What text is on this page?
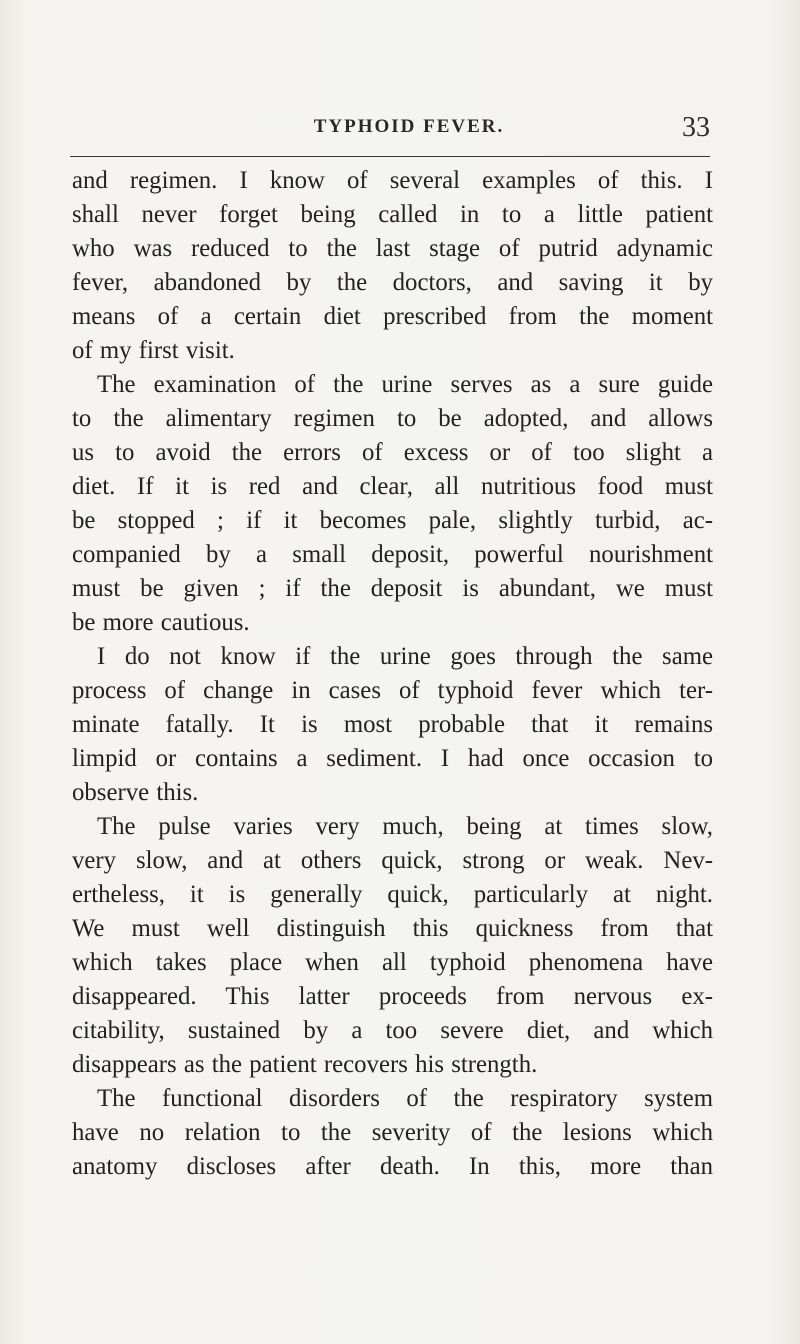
TYPHOID FEVER.	33
and regimen. I know of several examples of this. I
shall never forget being called in to a little patient
who was reduced to the last stage of putrid adynamic
fever, abandoned by the doctors, and saving it by
means of a certain diet prescribed from the moment
of my first visit.
The examination of the urine serves as a sure guide
to the alimentary regimen to be adopted, and allows
us to avoid the errors of excess or of too slight a
diet. If it is red and clear, all nutritious food must
be stopped ; if it becomes pale, slightly turbid, ac-
companied by a small deposit, powerful nourishment
must be given ; if the deposit is abundant, we must
be more cautious.
I do not know if the urine goes through the same
process of change in cases of typhoid fever which ter-
minate fatally. It is most probable that it remains
limpid or contains a sediment. I had once occasion to
observe this.
The pulse varies very much, being at times slow,
very slow, and at others quick, strong or weak. Nev-
ertheless, it is generally quick, particularly at night.
We must well distinguish this quickness from that
which takes place when all typhoid phenomena have
disappeared. This latter proceeds from nervous ex-
citability, sustained by a too severe diet, and which
disappears as the patient recovers his strength.
The functional disorders of the respiratory system
have no relation to the severity of the lesions which
anatomy discloses after death. In this, more than
